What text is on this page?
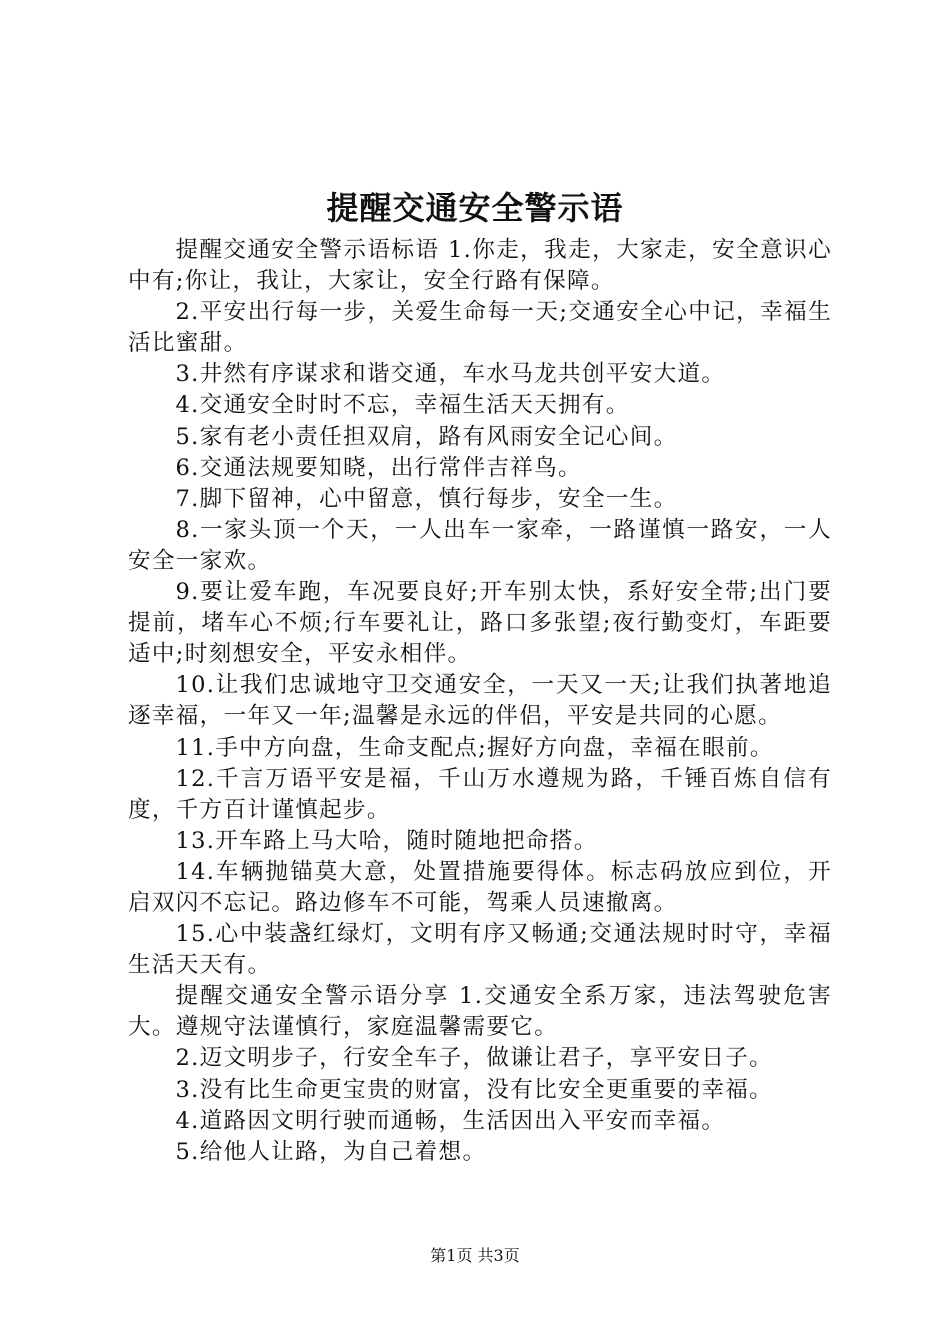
提醒交通安全警示语

提醒交通安全警示语标语 1.你走，我走，大家走，安全意识心中有;你让，我让，大家让，安全行路有保障。

2.平安出行每一步，关爱生命每一天;交通安全心中记，幸福生活比蜜甜。

3.井然有序谋求和谐交通，车水马龙共创平安大道。

4.交通安全时时不忘，幸福生活天天拥有。

5.家有老小责任担双肩，路有风雨安全记心间。

6.交通法规要知晓，出行常伴吉祥鸟。

7.脚下留神，心中留意，慎行每步，安全一生。

8.一家头顶一个天，一人出车一家牵，一路谨慎一路安，一人安全一家欢。

9.要让爱车跑，车况要良好;开车别太快，系好安全带;出门要提前，堵车心不烦;行车要礼让，路口多张望;夜行勤变灯，车距要适中;时刻想安全，平安永相伴。

10.让我们忠诚地守卫交通安全，一天又一天;让我们执著地追逐幸福，一年又一年;温馨是永远的伴侣，平安是共同的心愿。

11.手中方向盘，生命支配点;握好方向盘，幸福在眼前。

12.千言万语平安是福，千山万水遵规为路，千锤百炼自信有度，千方百计谨慎起步。

13.开车路上马大哈，随时随地把命搭。

14.车辆抛锚莫大意，处置措施要得体。标志码放应到位，开启双闪不忘记。路边修车不可能，驾乘人员速撤离。

15.心中装盏红绿灯，文明有序又畅通;交通法规时时守，幸福生活天天有。

提醒交通安全警示语分享 1.交通安全系万家，违法驾驶危害大。遵规守法谨慎行，家庭温馨需要它。

2.迈文明步子，行安全车子，做谦让君子，享平安日子。

3.没有比生命更宝贵的财富，没有比安全更重要的幸福。

4.道路因文明行驶而通畅，生活因出入平安而幸福。

5.给他人让路，为自己着想。

第1页 共3页
